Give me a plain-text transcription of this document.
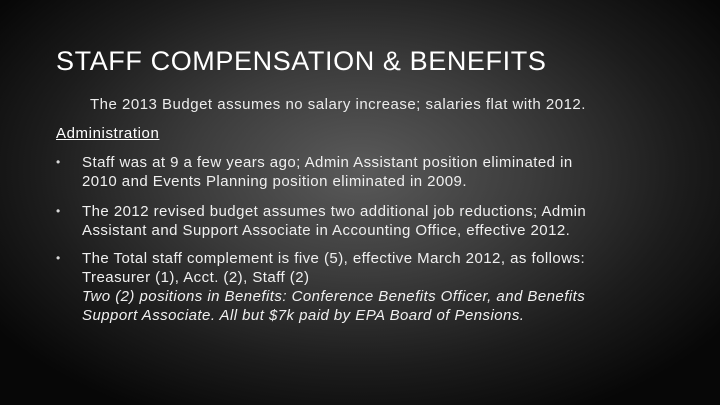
STAFF COMPENSATION & BENEFITS
The 2013 Budget assumes no salary increase; salaries flat with 2012.
Administration
• Staff was at 9 a few years ago; Admin Assistant position eliminated in
2010 and Events Planning position eliminated in 2009.
• The 2012 revised budget assumes two additional job reductions; Admin
Assistant and Support Associate in Accounting Office, effective 2012.
• The Total staff complement is five (5), effective March 2012, as follows:
Treasurer (1), Acct. (2), Staff (2)
Two (2) positions in Benefits: Conference Benefits Officer, and Benefits
Support Associate. All but $7k paid by EPA Board of Pensions.
